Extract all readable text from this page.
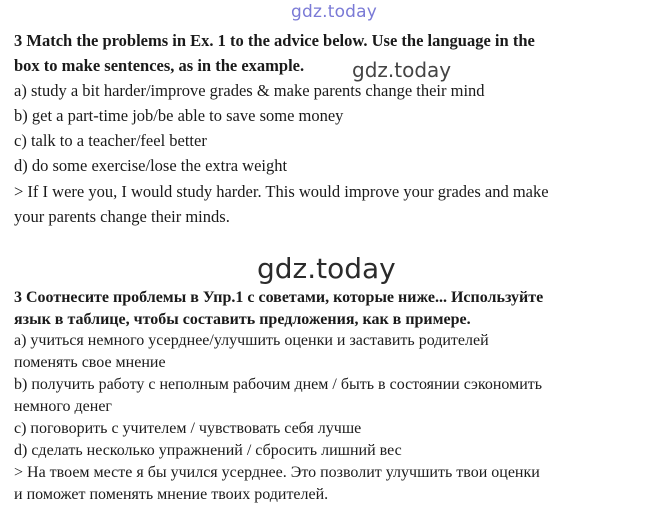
gdz.today
3 Match the problems in Ex. 1 to the advice below. Use the language in the
box to make sentences, as in the example. gdz.today
a) study a bit harder/improve grades & make parents change their mind
b) get a part-time job/be able to save some money
c) talk to a teacher/feel better
d) do some exercise/lose the extra weight
> If I were you, I would study harder. This would improve your grades and make
your parents change their minds.
gdz.today
3 Соотнесите проблемы в Упр.1 с советами, которые ниже... Используйте
язык в таблице, чтобы составить предложения, как в примере.
а) учиться немного усерднее/улучшить оценки и заставить родителей
поменять свое мнение
b) получить работу с неполным рабочим днем / быть в состоянии сэкономить
немного денег
c) поговорить с учителем / чувствовать себя лучше
d) сделать несколько упражнений / сбросить лишний вес
> На твоем месте я бы учился усерднее. Это позволит улучшить твои оценки
и поможет поменять мнение твоих родителей.
